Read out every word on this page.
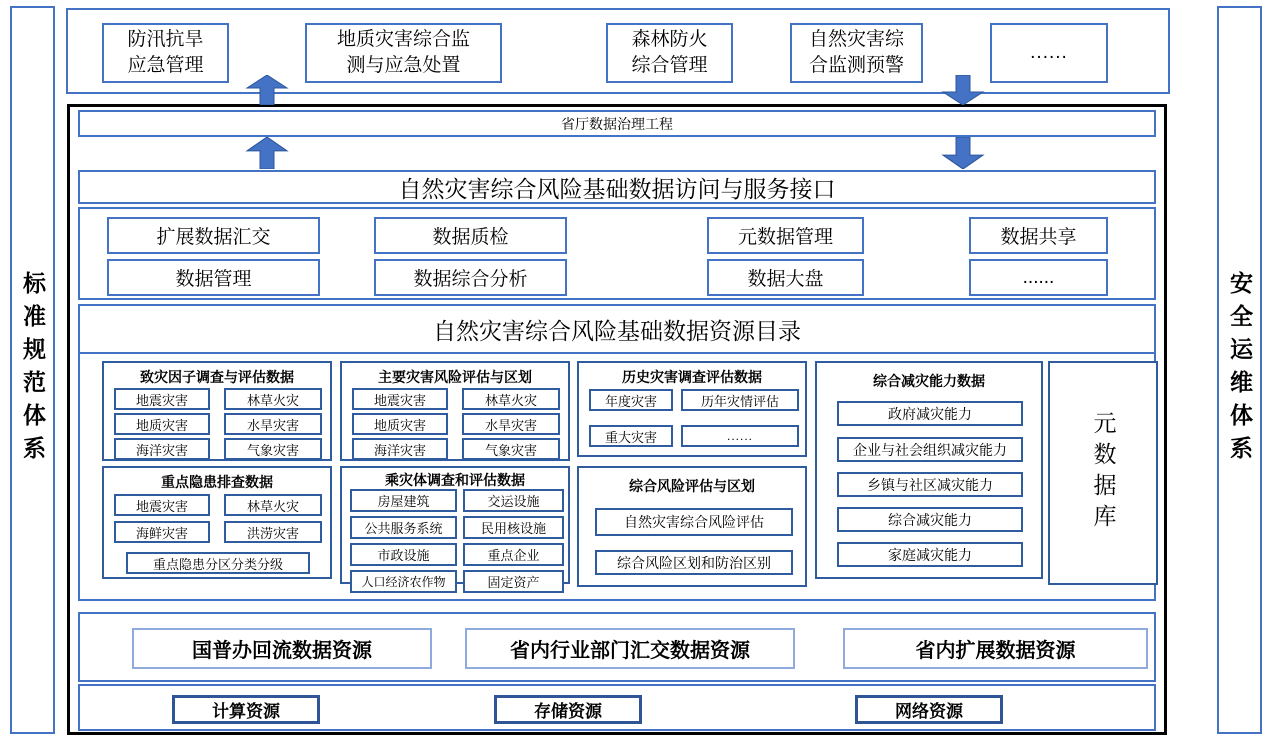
标准规范体系	安全运维体系
防汛抗旱
应急管理
地质灾害综合监
测与应急处置
森林防火
综合管理
自然灾害综
合监测预警
......
省厅数据治理工程
自然灾害综合风险基础数据访问与服务接口
扩展数据汇交	数据质检	元数据管理	数据共享
数据管理	数据综合分析	数据大盘	......
自然灾害综合风险基础数据资源目录
致灾因子调查与评估数据
地震灾害	林草火灾
地质灾害	水旱灾害
海洋灾害	气象灾害
主要灾害风险评估与区划
地震灾害	林草火灾
地质灾害	水旱灾害
海洋灾害	气象灾害
历史灾害调查评估数据
年度灾害	历年灾情评估
重大灾害	......
综合减灾能力数据
政府减灾能力
企业与社会组织减灾能力
乡镇与社区减灾能力
综合减灾能力
家庭减灾能力
重点隐患排查数据
地震灾害	林草火灾
海鲜灾害	洪涝灾害
重点隐患分区分类分级
乘灾体调查和评估数据
房屋建筑	交运设施
公共服务系统	民用核设施
市政设施	重点企业
人口经济农作物	固定资产
综合风险评估与区划
自然灾害综合风险评估
综合风险区划和防治区别
元数据库
国普办回流数据资源	省内行业部门汇交数据资源	省内扩展数据资源
计算资源	存储资源	网络资源
